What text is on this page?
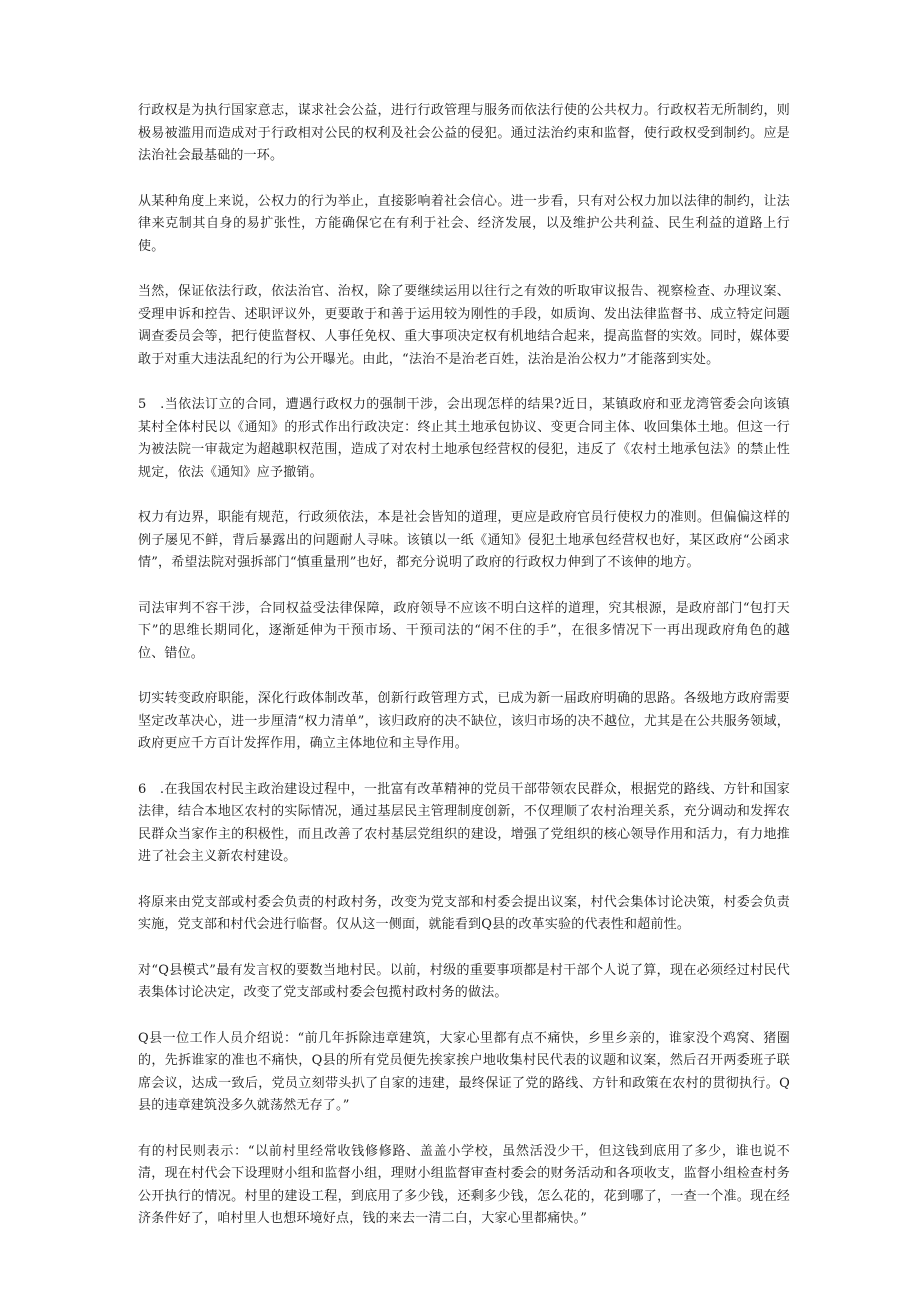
行政权是为执行国家意志，谋求社会公益，进行行政管理与服务而依法行使的公共权力。行政权若无所制约，则极易被滥用而造成对于行政相对公民的权利及社会公益的侵犯。通过法治约束和监督，使行政权受到制约。应是法治社会最基础的一环。

从某种角度上来说，公权力的行为举止，直接影响着社会信心。进一步看，只有对公权力加以法律的制约，让法律来克制其自身的易扩张性，方能确保它在有利于社会、经济发展，以及维护公共利益、民生利益的道路上行使。

当然，保证依法行政，依法治官、治权，除了要继续运用以往行之有效的听取审议报告、视察检查、办理议案、受理申诉和控告、述职评议外，更要敢于和善于运用较为刚性的手段，如质询、发出法律监督书、成立特定问题调查委员会等，把行使监督权、人事任免权、重大事项决定权有机地结合起来，提高监督的实效。同时，媒体要敢于对重大违法乱纪的行为公开曝光。由此，“法治不是治老百姓，法治是治公权力”才能落到实处。

5　.当依法订立的合同，遭遇行政权力的强制干涉，会出现怎样的结果?近日，某镇政府和亚龙湾管委会向该镇某村全体村民以《通知》的形式作出行政决定：终止其土地承包协议、变更合同主体、收回集体土地。但这一行为被法院一审裁定为超越职权范围，造成了对农村土地承包经营权的侵犯，违反了《农村土地承包法》的禁止性规定，依法《通知》应予撤销。

权力有边界，职能有规范，行政须依法，本是社会皆知的道理，更应是政府官员行使权力的准则。但偏偏这样的例子屡见不鲜，背后暴露出的问题耐人寻味。该镇以一纸《通知》侵犯土地承包经营权也好，某区政府“公函求情”，希望法院对强拆部门“慎重量刑”也好，都充分说明了政府的行政权力伸到了不该伸的地方。

司法审判不容干涉，合同权益受法律保障，政府领导不应该不明白这样的道理，究其根源，是政府部门“包打天下”的思维长期同化，逐渐延伸为干预市场、干预司法的“闲不住的手”，在很多情况下一再出现政府角色的越位、错位。

切实转变政府职能，深化行政体制改革，创新行政管理方式，已成为新一届政府明确的思路。各级地方政府需要坚定改革决心，进一步厘清“权力清单”，该归政府的决不缺位，该归市场的决不越位，尤其是在公共服务领域，政府更应千方百计发挥作用，确立主体地位和主导作用。

6　.在我国农村民主政治建设过程中，一批富有改革精神的党员干部带领农民群众，根据党的路线、方针和国家法律，结合本地区农村的实际情况，通过基层民主管理制度创新，不仅理顺了农村治理关系，充分调动和发挥农民群众当家作主的积极性，而且改善了农村基层党组织的建设，增强了党组织的核心领导作用和活力，有力地推进了社会主义新农村建设。

将原来由党支部或村委会负责的村政村务，改变为党支部和村委会提出议案，村代会集体讨论决策，村委会负责实施，党支部和村代会进行临督。仅从这一侧面，就能看到Q县的改革实验的代表性和超前性。

对“Q县模式”最有发言权的要数当地村民。以前，村级的重要事项都是村干部个人说了算，现在必须经过村民代表集体讨论决定，改变了党支部或村委会包揽村政村务的做法。

Q县一位工作人员介绍说：“前几年拆除违章建筑，大家心里都有点不痛快，乡里乡亲的，谁家没个鸡窝、猪圈的，先拆谁家的准也不痛快，Q县的所有党员便先挨家挨户地收集村民代表的议题和议案，然后召开两委班子联席会议，达成一致后，党员立刻带头扒了自家的违建，最终保证了党的路线、方针和政策在农村的贯彻执行。Q县的违章建筑没多久就荡然无存了。”

有的村民则表示：“以前村里经常收钱修修路、盖盖小学校，虽然活没少干，但这钱到底用了多少，谁也说不清，现在村代会下设理财小组和监督小组，理财小组监督审查村委会的财务活动和各项收支，监督小组检查村务公开执行的情况。村里的建设工程，到底用了多少钱，还剩多少钱，怎么花的，花到哪了，一查一个准。现在经济条件好了，咱村里人也想环境好点，钱的来去一清二白，大家心里都痛快。”
